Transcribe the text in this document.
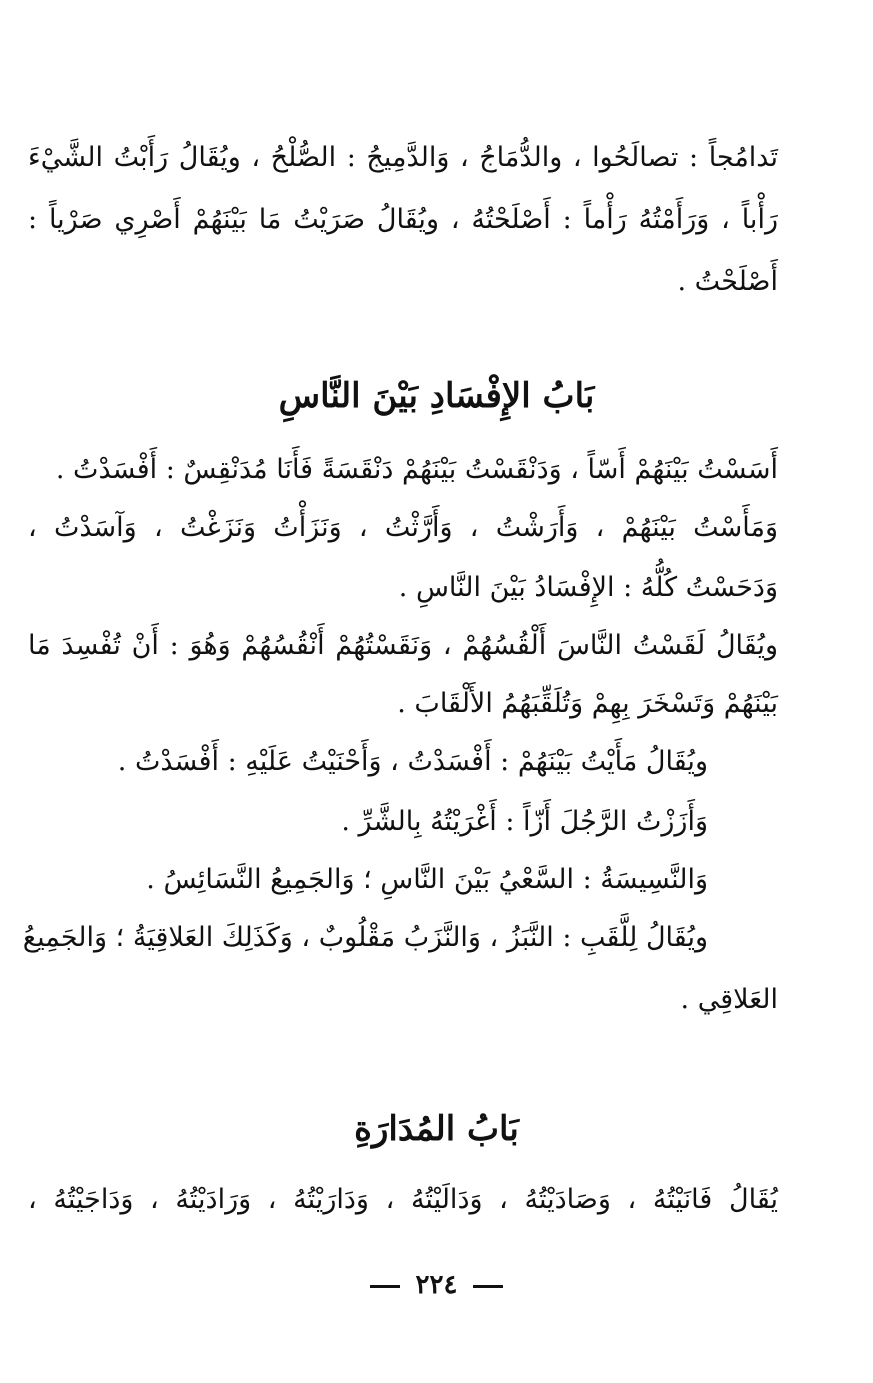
تَدامُجاً : تصالَحُوا ، والدُّمَاجُ ، وَالدَّمِيجُ : الصُّلْحُ ، ويُقَالُ رَأَبْتُ الشَّيْءَ
رَأْباً ، وَرَأَمْتُهُ رَأْماً : أَصْلَحْتُهُ ، ويُقَالُ صَرَيْتُ مَا بَيْنَهُمْ أَصْرِي صَرْياً :
أَصْلَحْتُ .
بَابُ الإِفْسَادِ بَيْنَ النَّاسِ
أَسَسْتُ بَيْنَهُمْ أَسّاً ، وَدَنْقَسْتُ بَيْنَهُمْ دَنْقَسَةً فَأَنَا مُدَنْقِسٌ : أَفْسَدْتُ .
وَمَأَسْتُ بَيْنَهُمْ ، وَأَرَشْتُ ، وَأَرَّثْتُ ، وَنَزَأْتُ وَنَزَغْتُ ، وَآسَدْتُ ،
وَدَحَسْتُ كُلُّهُ : الإِفْسَادُ بَيْنَ النَّاسِ .
ويُقَالُ لَقَسْتُ النَّاسَ أَلْقُسُهُمْ ، وَنَقَسْتُهُمْ أَنْقُسُهُمْ وَهُوَ : أَنْ تُفْسِدَ مَا
بَيْنَهُمْ وَتَسْخَرَ بِهِمْ وَتُلَقِّبَهُمُ الأَلْقَابَ .
ويُقَالُ مَأَيْتُ بَيْنَهُمْ : أَفْسَدْتُ ، وَأَحْنَيْتُ عَلَيْهِ : أَفْسَدْتُ .
وَأَزَزْتُ الرَّجُلَ أَزّاً : أَغْرَيْتُهُ بِالشَّرِّ .
وَالنَّسِيسَةُ : السَّعْيُ بَيْنَ النَّاسِ ؛ وَالجَمِيعُ النَّسَائِسُ .
ويُقَالُ لِلَّقَبِ : النَّبَزُ ، وَالنَّزَبُ مَقْلُوبٌ ، وَكَذَلِكَ العَلاقِيَةُ ؛ وَالجَمِيعُ
العَلاقِي .
بَابُ المُدَارَةِ
يُقَالُ فَانَيْتُهُ ، وَصَادَيْتُهُ ، وَدَالَيْتُهُ ، وَدَارَيْتُهُ ، وَرَادَيْتُهُ ، وَدَاجَيْتُهُ ،
٢٢٤
